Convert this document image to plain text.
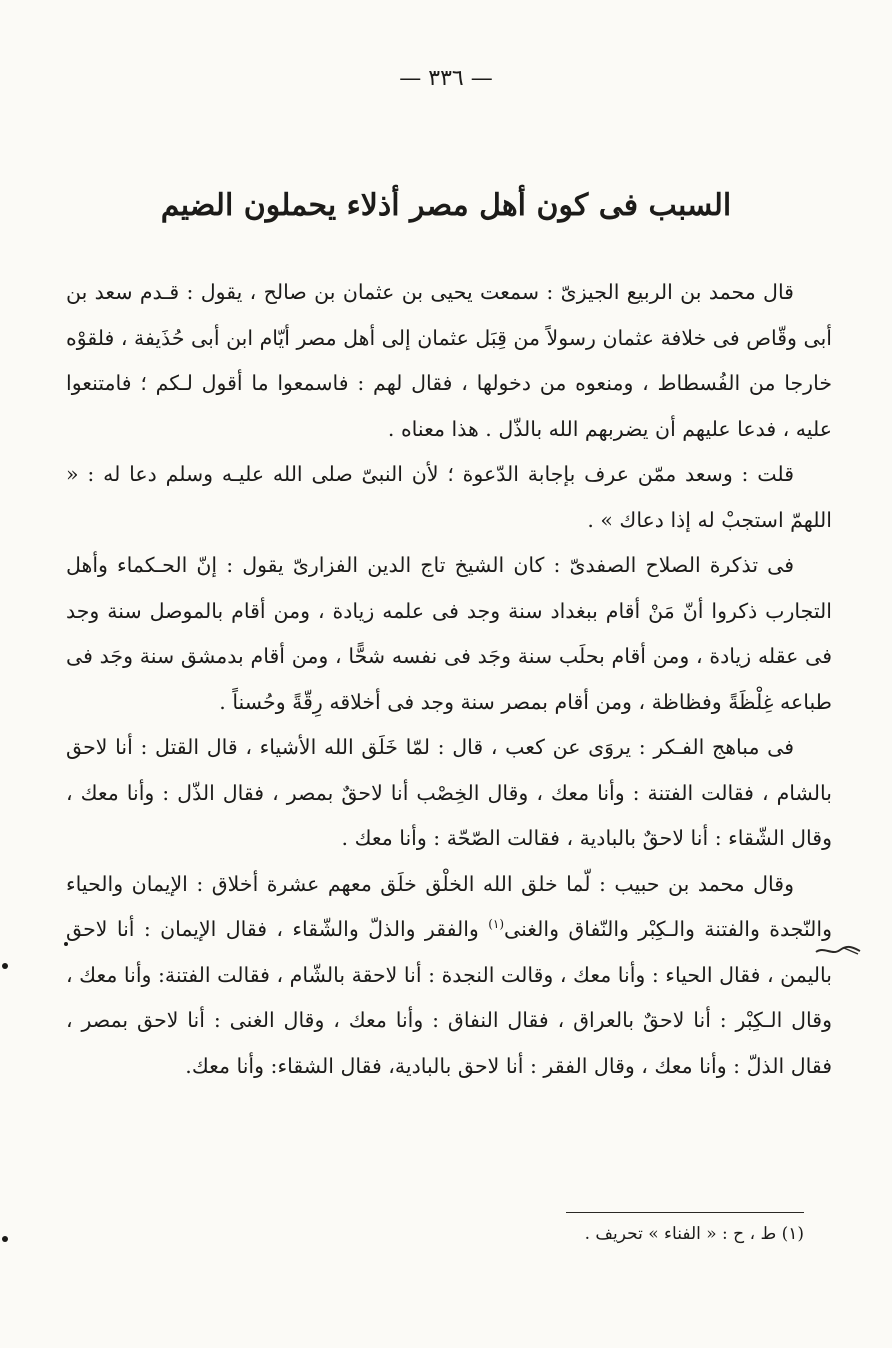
— ٣٣٦ —
السبب فى كون أهل مصر أذلاء يحملون الضيم

قال محمد بن الربيع الجيزىّ : سمعت يحيى بن عثمان بن صالح ، يقول : قـدم سعد بن أبى وقّاص فى خلافة عثمان رسولاً من قِبَل عثمان إلى أهل مصر أيّام ابن أبى حُذَيفة ، فلقوْه خارجا من الفُسطاط ، ومنعوه من دخولها ، فقال لهم : فاسمعوا ما أقول لـكم ؛ فامتنعوا عليه ، فدعا عليهم أن يضربهم الله بالذّل . هذا معناه .

قلت : وسعد ممّن عرف بإجابة الدّعوة ؛ لأن النبىّ صلى الله عليـه وسلم دعا له : « اللهمّ استجبْ له إذا دعاك » .

فى تذكرة الصلاح الصفدىّ : كان الشيخ تاج الدين الفزارىّ يقول : إنّ الحـكماء وأهل التجارب ذكروا أنّ مَنْ أقام ببغداد سنة وجد فى علمه زيادة ، ومن أقام بالموصل سنة وجد فى عقله زيادة ، ومن أقام بحلَب سنة وجَد فى نفسه شحًّا ، ومن أقام بدمشق سنة وجَد فى طباعه غِلْظَةً وفظاظة ، ومن أقام بمصر سنة وجد فى أخلاقه رِقّةً وحُسناً .

فى مباهج الفـكر : يروَى عن كعب ، قال : لمّا خَلَق الله الأشياء ، قال القتل : أنا لاحق بالشام ، فقالت الفتنة : وأنا معك ، وقال الخِصْب أنا لاحقٌ بمصر ، فقال الذّل : وأنا معك ، وقال الشّقاء : أنا لاحقٌ بالبادية ، فقالت الصّحّة : وأنا معك .

وقال محمد بن حبيب : لّما خلق الله الخلْق خلَق معهم عشرة أخلاق : الإيمان والحياء والنّجدة والفتنة والـكِبْر والنّفاق والغنى$^{(١)}$ والفقر والذلّ والشّقاء ، فقال الإيمان : أنا لاحق باليمن ، فقال الحياء : وأنا معك ، وقالت النجدة : أنا لاحقة بالشّام ، فقالت الفتنة: وأنا معك ، وقال الـكِبْر : أنا لاحقٌ بالعراق ، فقال النفاق : وأنا معك ، وقال الغنى : أنا لاحق بمصر ، فقال الذلّ : وأنا معك ، وقال الفقر : أنا لاحق بالبادية، فقال الشقاء: وأنا معك.

(١) ط ، ح : « الفناء » تحريف .
